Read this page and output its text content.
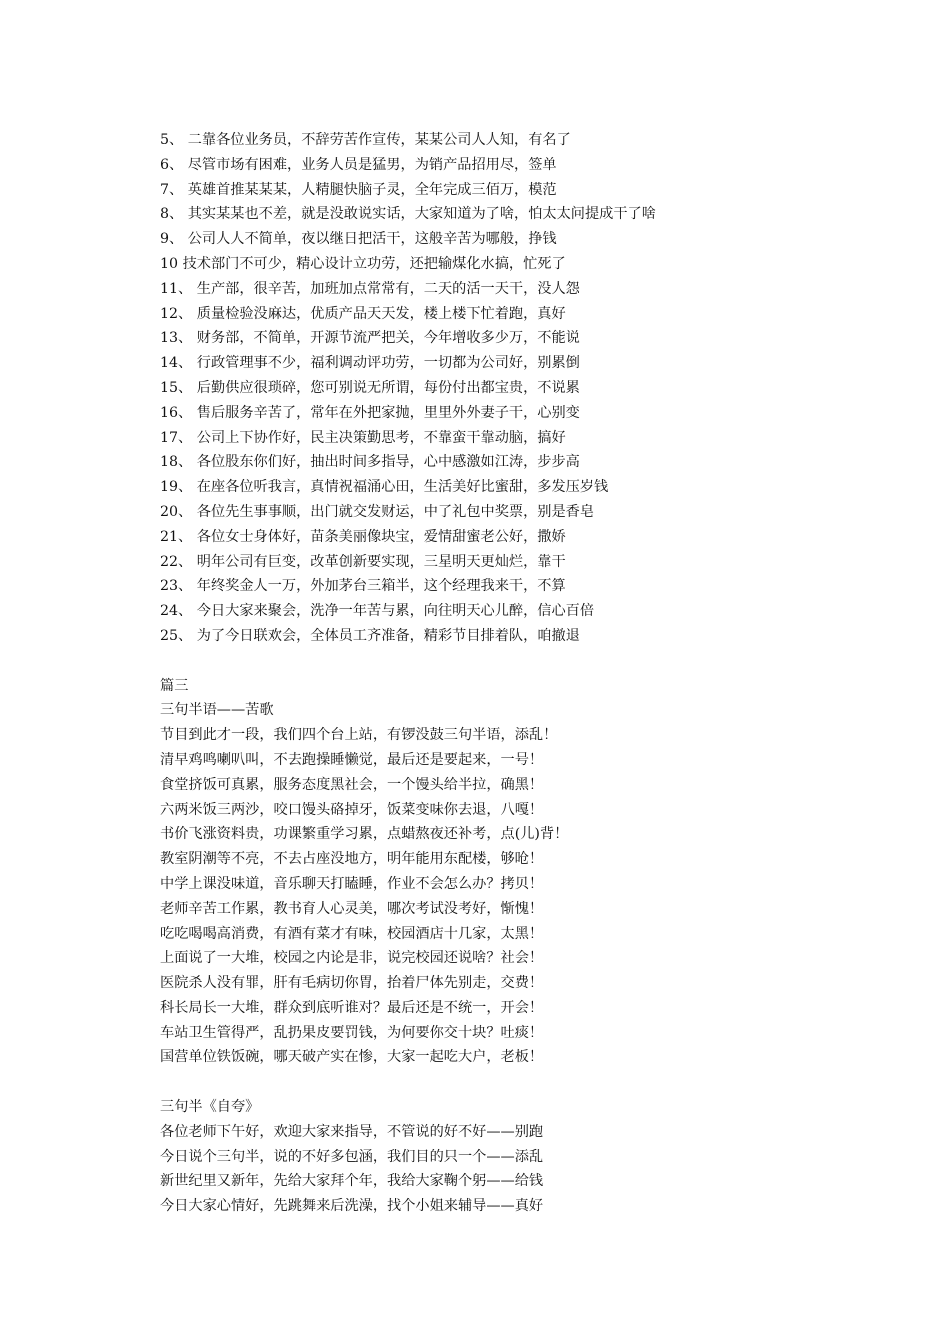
5、 二靠各位业务员，不辞劳苦作宣传，某某公司人人知，有名了
6、 尽管市场有困难，业务人员是猛男，为销产品招用尽，签单
7、 英雄首推某某某，人精腿快脑子灵，全年完成三佰万，模范
8、 其实某某也不差，就是没敢说实话，大家知道为了啥，怕太太问提成干了啥
9、 公司人人不简单，夜以继日把活干，这般辛苦为哪般，挣钱
10 技术部门不可少，精心设计立功劳，还把输煤化水搞，忙死了
11、 生产部，很辛苦，加班加点常常有，二天的活一天干，没人怨
12、 质量检验没麻达，优质产品天天发，楼上楼下忙着跑，真好
13、 财务部，不简单，开源节流严把关，今年增收多少万，不能说
14、 行政管理事不少，福利调动评功劳，一切都为公司好，别累倒
15、 后勤供应很琐碎，您可别说无所谓，每份付出都宝贵，不说累
16、 售后服务辛苦了，常年在外把家抛，里里外外妻子干，心别变
17、 公司上下协作好，民主决策勤思考，不靠蛮干靠动脑，搞好
18、 各位股东你们好，抽出时间多指导，心中感激如江涛，步步高
19、 在座各位听我言，真情祝福涌心田，生活美好比蜜甜，多发压岁钱
20、 各位先生事事顺，出门就交发财运，中了礼包中奖票，别是香皂
21、 各位女士身体好，苗条美丽像块宝，爱情甜蜜老公好，撒娇
22、 明年公司有巨变，改革创新要实现，三星明天更灿烂，靠干
23、 年终奖金人一万，外加茅台三箱半，这个经理我来干，不算
24、 今日大家来聚会，洗净一年苦与累，向往明天心儿醉，信心百倍
25、 为了今日联欢会，全体员工齐准备，精彩节目排着队，咱撤退
篇三
三句半语——苦歌
节目到此才一段，我们四个台上站，有锣没鼓三句半语，添乱！
清早鸡鸣喇叭叫，不去跑操睡懒觉，最后还是要起来，一号！
食堂挤饭可真累，服务态度黑社会，一个馒头给半拉，确黑！
六两米饭三两沙，咬口馒头硌掉牙，饭菜变味你去退，八嘎！
书价飞涨资料贵，功课繁重学习累，点蜡熬夜还补考，点(儿)背！
教室阴潮等不亮，不去占座没地方，明年能用东配楼，够呛！
中学上课没味道，音乐聊天打瞌睡，作业不会怎么办？拷贝！
老师辛苦工作累，教书育人心灵美，哪次考试没考好，惭愧！
吃吃喝喝高消费，有酒有菜才有味，校园酒店十几家，太黑！
上面说了一大堆，校园之内论是非，说完校园还说啥？社会！
医院杀人没有罪，肝有毛病切你胃，抬着尸体先别走，交费！
科长局长一大堆，群众到底听谁对？最后还是不统一，开会！
车站卫生管得严，乱扔果皮要罚钱，为何要你交十块？吐痰！
国营单位铁饭碗，哪天破产实在惨，大家一起吃大户，老板！
三句半《自夸》
各位老师下午好，欢迎大家来指导，不管说的好不好——别跑
今日说个三句半，说的不好多包涵，我们目的只一个——添乱
新世纪里又新年，先给大家拜个年，我给大家鞠个躬——给钱
今日大家心情好，先跳舞来后洗澡，找个小姐来辅导——真好
